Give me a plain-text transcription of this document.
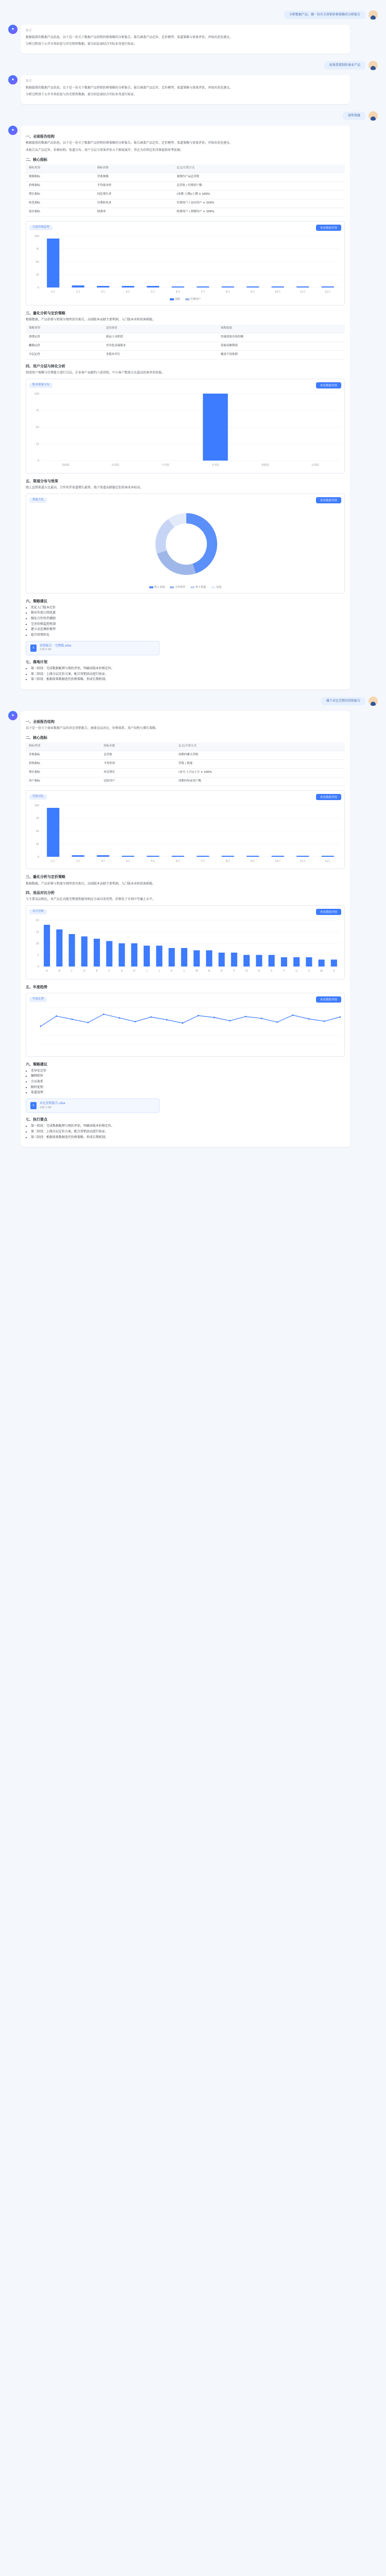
分析数据产品、做一份有关营销价格策略的分析报告
✦	助手

根据提供的数据产品信息，以下是一份关于数据产品营销价格策略的分析报告。报告涵盖产品定位、定价模型、渠道策略与效果评估，并给出优化建议。

分析过程基于公开市场信息与历史销售数据，部分结论需结合实际业务进行验证。

如果我要制作商业产品
✦	助手

根据提供的数据产品信息，以下是一份关于数据产品营销价格策略的分析报告。报告涵盖产品定位、定价模型、渠道策略与效果评估，并给出优化建议。

分析过程基于公开市场信息与历史销售数据，部分结论需结合实际业务进行验证。

请帮我做
✦
一、全面报告结构

根据提供的数据产品信息，以下是一份关于数据产品营销价格策略的分析报告。报告涵盖产品定位、定价模型、渠道策略与效果评估，并给出优化建议。

本报告从产品定位、价格结构、渠道分布、用户分层与效果评估五个维度展开，旨在为后续定价决策提供参考依据。

二、核心指标
指标类别	指标名称	定义/计算方式
规模指标	营收规模	周期内产品总营收
价格指标	平均客单价	总营收 / 付费用户数
增长指标	同比增长率	(本期-上期)/上期 × 100%
转化指标	付费转化率	付费用户 / 访问用户 × 100%
留存指标	续费率	续费用户 / 到期用户 × 100%
月度营收趋势	查看数据详情
0
25
50
75
100
1月	2月	3月	4月	5月	6月	7月	8月	9月	10月	11月	12月
营收	付费用户
三、量化分析与定价策略

根据数据，产品价格与销量呈现明显负相关，高端版本贡献主要利润，入门版本承担获客职能。

策略类型	适用场景	预期效果
渗透定价	新品上市阶段	快速获取市场份额
撇脂定价	差异化高端版本	获取高额利润
分层定价	多版本并行	覆盖不同客群
四、用户分层与转化分析

按照用户规模与付费能力进行分层，企业客户贡献约六成营收，中小客户数量占比最高但客单价较低。

版本销量分布	查看数据详情
0
25
50
75
100
基础版	标准版	专业版	企业版	旗舰版	定制版
五、渠道分布与效果

线上直销渠道占比最高，合作伙伴渠道增长最快，线下渠道贡献稳定但获客成本较高。

渠道占比	查看数据详情
线上直销	合作伙伴	线下渠道	其他
六、策略建议
• 优化入门版本定价
• 推出年度订阅优惠
• 强化合作伙伴激励
• 完善价格监控机制
• 建立动态调价模型
• 提升续费转化
X
营销报告 · 完整版.xlsx
238.6 KB
七、落地计划
• 第一阶段：完成数据梳理与现状评估，明确各版本价格定位。
• 第二阶段：上线分层定价方案，配合营销活动进行验证。
• 第三阶段：根据效果数据迭代价格策略，形成长期机制。
做个对比完整的营销报告
✦
一、全面报告结构

以下是一份关于商业数据产品的对比营销报告，涵盖竞品对比、价格体系、用户结构与增长策略。

二、核心指标
指标类别	指标名称	定义/计算方式
营收指标	总营收	周期内累计营收
价格指标	平均售价	营收 / 销量
增长指标	环比增长	(本月-上月)/上月 × 100%
用户指标	活跃用户	周期内登录用户数
营收对比	查看数据详情
0
25
50
75
100
1月	2月	3月	4月	5月	6月	7月	8月	9月	10月	11月	12月
三、量化分析与定价策略

根据数据，产品价格与销量呈现明显负相关，高端版本贡献主要利润，入门版本承担获客职能。

四、竞品对比分析

与主要竞品相比，本产品在功能完整度和服务响应方面具备优势，价格处于市场中等偏上水平。

各月营收	查看数据详情
0
5
10
15
20
A	B	C	D	E	F	G	H	I	J	K	L	M	N	O	P	Q	R	S	T	U	V	W	X
五、年度趋势
年度走势	查看数据详情
六、策略建议
• 差异化定价
• 捆绑销售
• 会员体系
• 限时促销
• 渠道返利
X
对比营销报告.xlsx
186.2 KB
七、执行要点
• 第一阶段：完成数据梳理与现状评估，明确各版本价格定位。
• 第二阶段：上线分层定价方案，配合营销活动进行验证。
• 第三阶段：根据效果数据迭代价格策略，形成长期机制。
